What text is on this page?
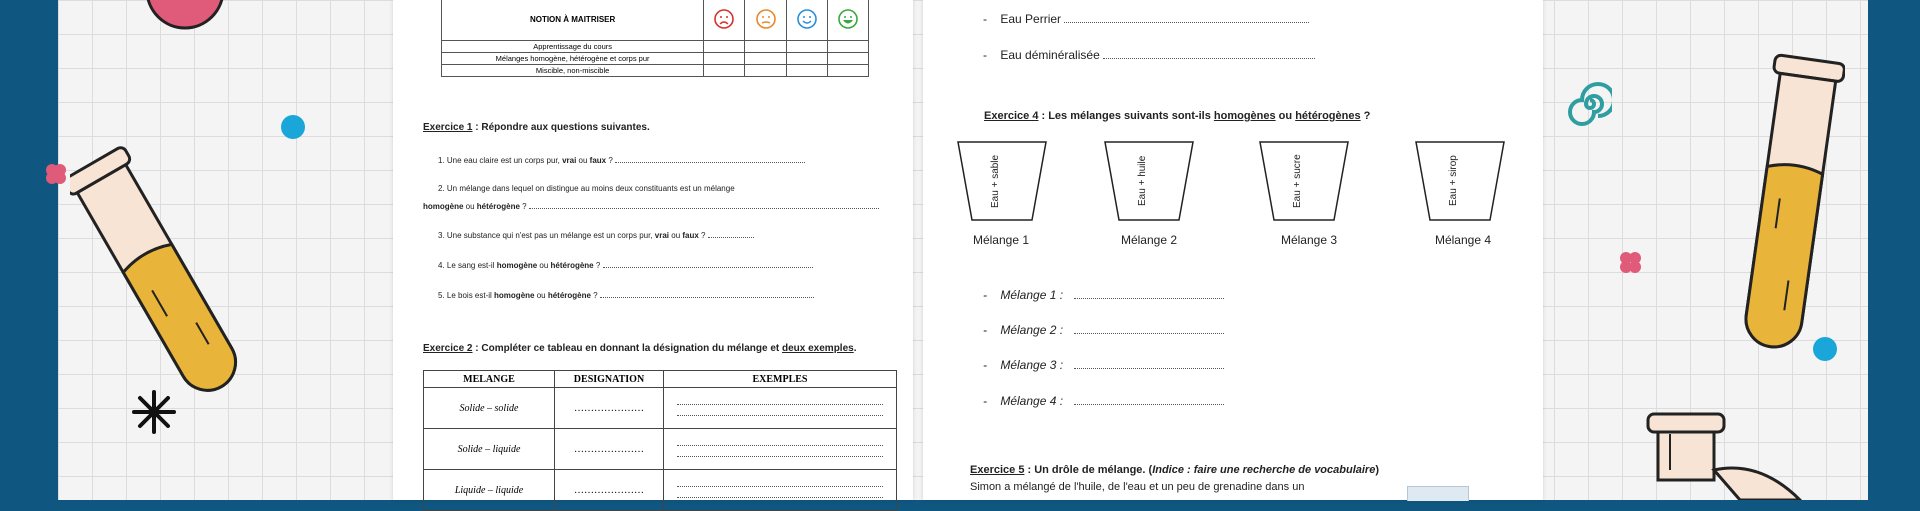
NOTION À MAITRISER				
Apprentissage du cours				
Mélanges homogène, hétérogène et corps pur				
Miscible, non-miscible				
Exercice 1 : Répondre aux questions suivantes.
1. Une eau claire est un corps pur, vrai ou faux ?
2. Un mélange dans lequel on distingue au moins deux constituants est un mélange
homogène ou hétérogène ?
3. Une substance qui n'est pas un mélange est un corps pur, vrai ou faux ?
4. Le sang est-il homogène ou hétérogène ?
5. Le bois est-il homogène ou hétérogène ?
Exercice 2 : Compléter ce tableau en donnant la désignation du mélange et deux exemples.
MELANGE	DESIGNATION	EXEMPLES
Solide – solide	…………………	

Solide – liquide	…………………	

Liquide – liquide	…………………	
-    Eau Perrier
-    Eau déminéralisée
Exercice 4 : Les mélanges suivants sont-ils homogènes ou hétérogènes ?
Eau + sable	Eau + huile	Eau + sucre	Eau + sirop
Mélange 1	Mélange 2	Mélange 3	Mélange 4
-    Mélange 1 :
-    Mélange 2 :
-    Mélange 3 :
-    Mélange 4 :
Exercice 5 : Un drôle de mélange. (Indice : faire une recherche de vocabulaire)
Simon a mélangé de l'huile, de l'eau et un peu de grenadine dans un
